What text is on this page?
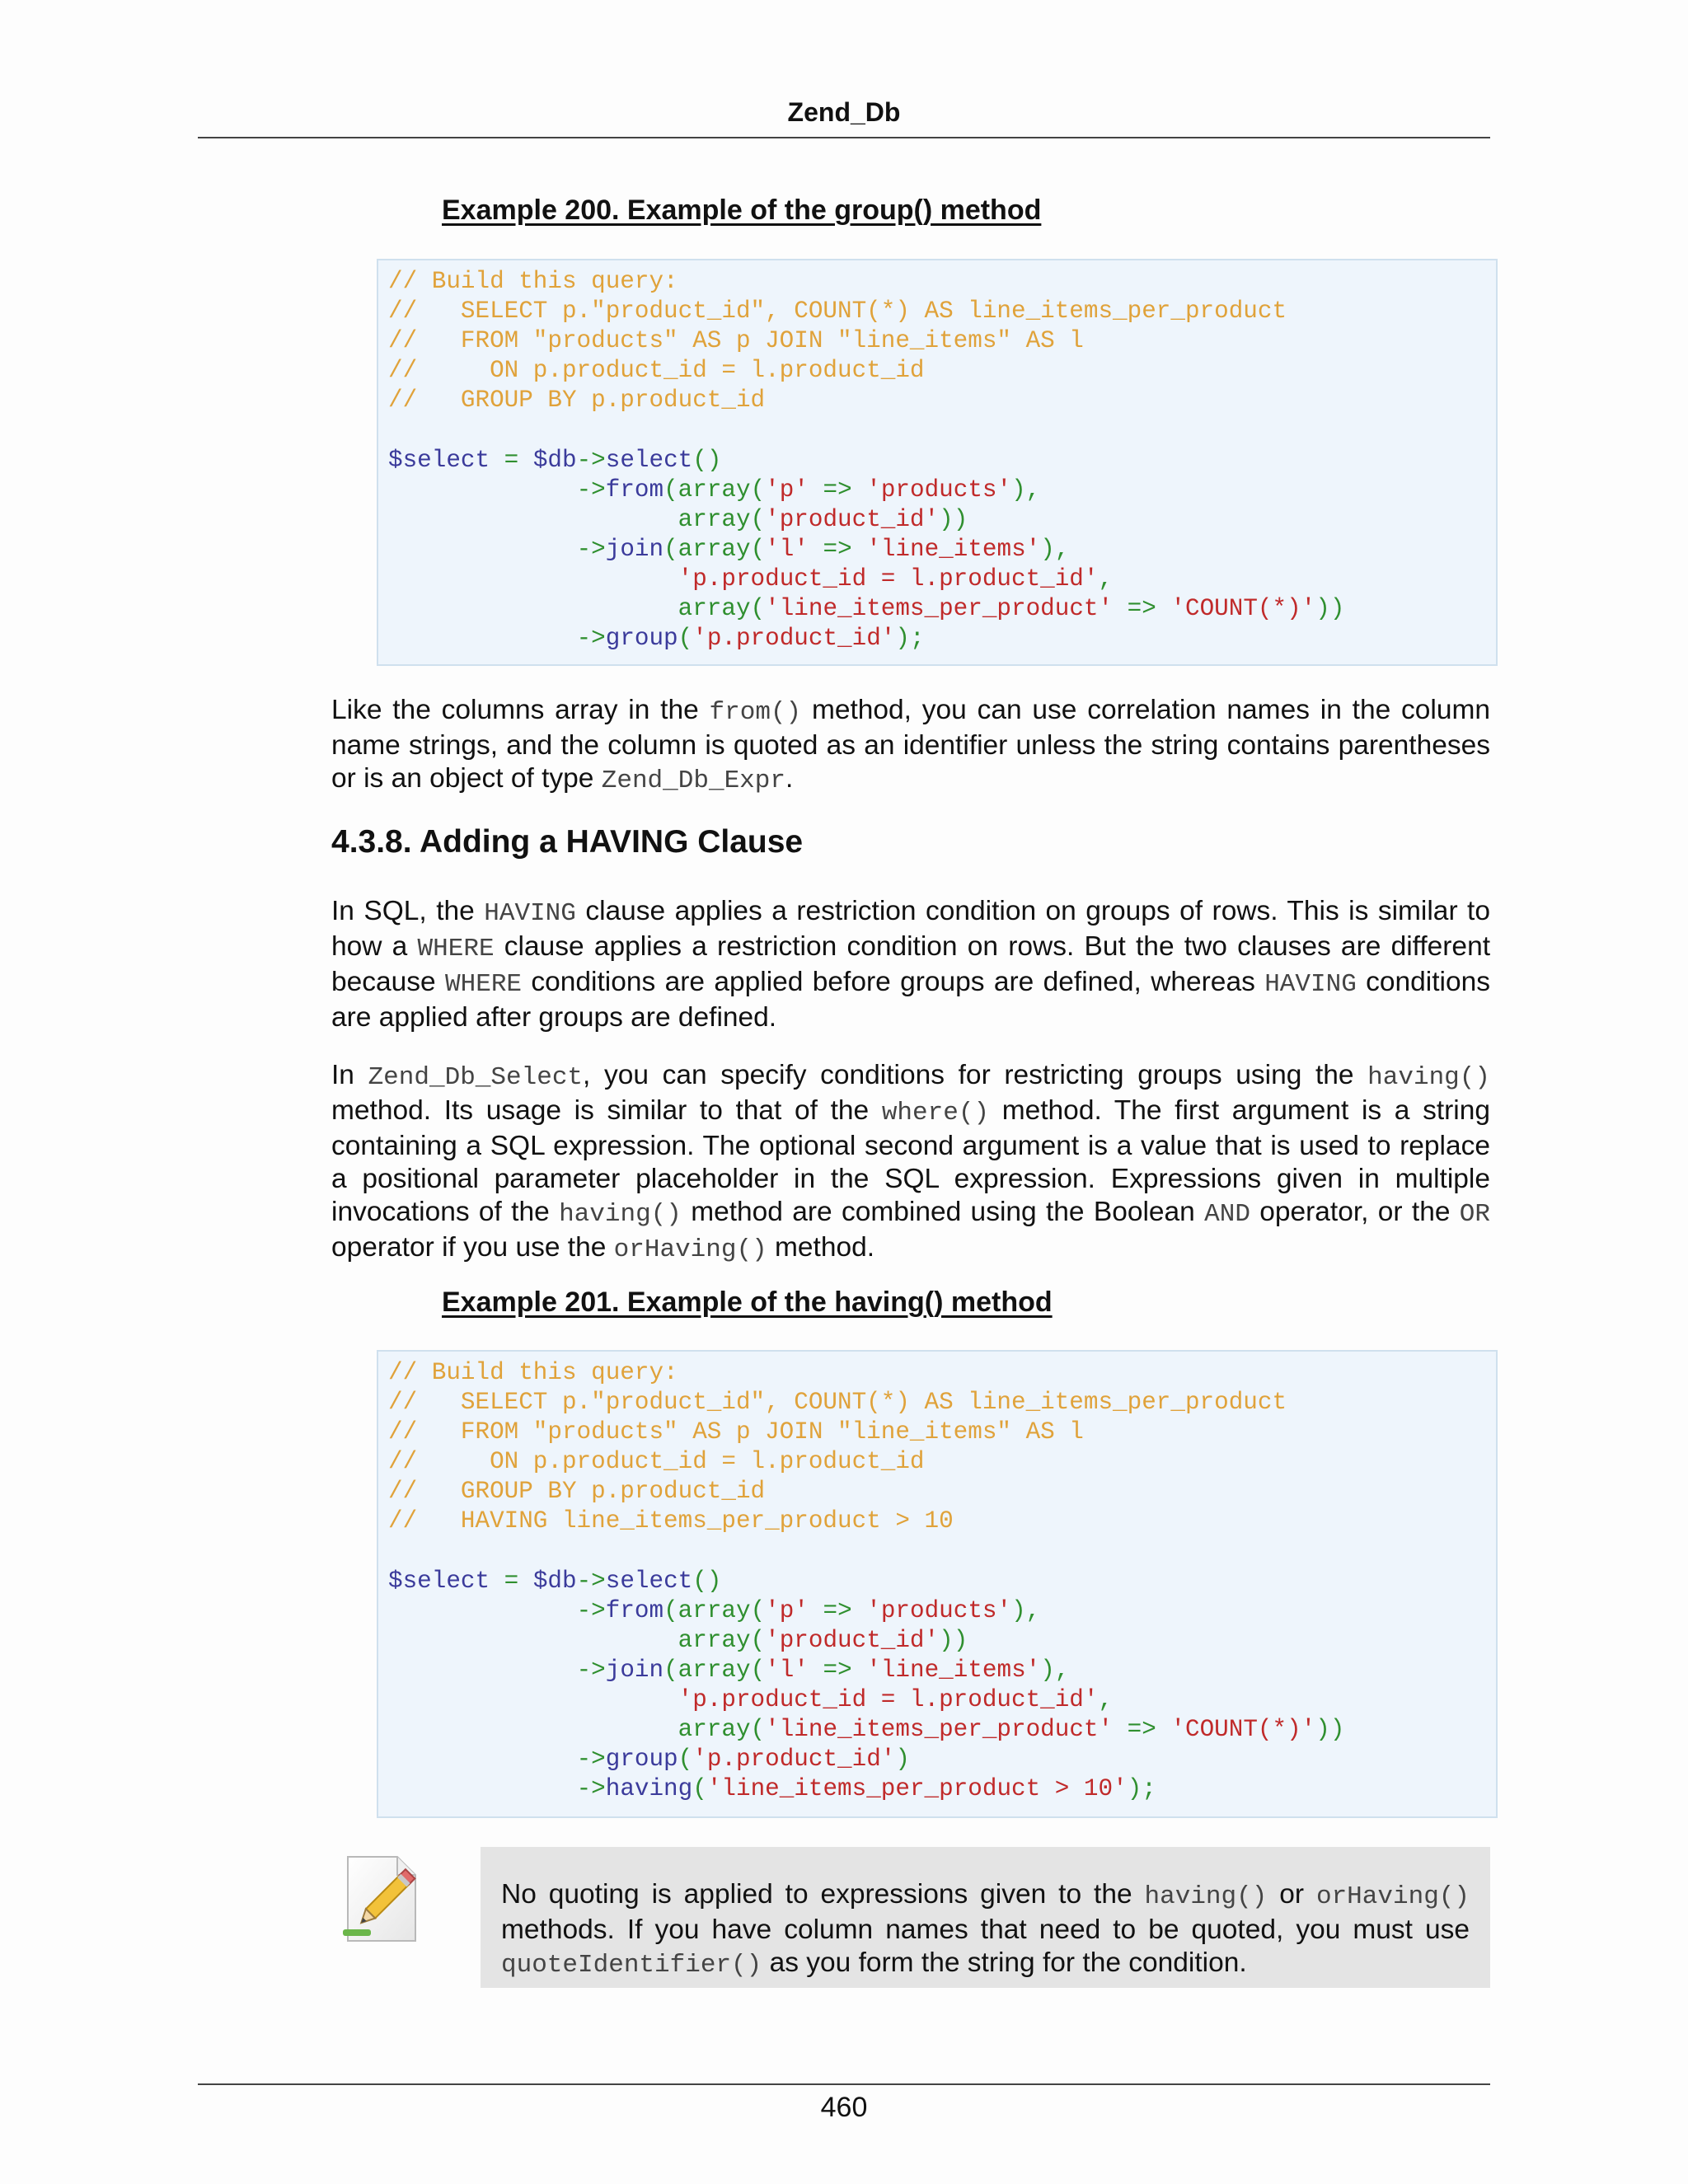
Zend_Db
Example 200. Example of the group() method
// Build this query:
//   SELECT p."product_id", COUNT(*) AS line_items_per_product
//   FROM "products" AS p JOIN "line_items" AS l
//     ON p.product_id = l.product_id
//   GROUP BY p.product_id

$select = $db->select()
->from(array('p' => 'products'),
array('product_id'))
->join(array('l' => 'line_items'),
'p.product_id = l.product_id',
array('line_items_per_product' => 'COUNT(*)'))
->group('p.product_id');
Like the columns array in the from() method, you can use correlation names in the column name strings, and the column is quoted as an identifier unless the string contains parentheses or is an object of type Zend_Db_Expr.
4.3.8. Adding a HAVING Clause
In SQL, the HAVING clause applies a restriction condition on groups of rows. This is similar to how a WHERE clause applies a restriction condition on rows. But the two clauses are different because WHERE conditions are applied before groups are defined, whereas HAVING conditions are applied after groups are defined.
In Zend_Db_Select, you can specify conditions for restricting groups using the having() method. Its usage is similar to that of the where() method. The first argument is a string containing a SQL expression. The optional second argument is a value that is used to replace a positional parameter placeholder in the SQL expression. Expressions given in multiple invocations of the having() method are combined using the Boolean AND operator, or the OR operator if you use the orHaving() method.
Example 201. Example of the having() method
// Build this query:
//   SELECT p."product_id", COUNT(*) AS line_items_per_product
//   FROM "products" AS p JOIN "line_items" AS l
//     ON p.product_id = l.product_id
//   GROUP BY p.product_id
//   HAVING line_items_per_product > 10

$select = $db->select()
->from(array('p' => 'products'),
array('product_id'))
->join(array('l' => 'line_items'),
'p.product_id = l.product_id',
array('line_items_per_product' => 'COUNT(*)'))
->group('p.product_id')
->having('line_items_per_product > 10');
No quoting is applied to expressions given to the having() or orHaving() methods. If you have column names that need to be quoted, you must use quoteIdentifier() as you form the string for the condition.
460
